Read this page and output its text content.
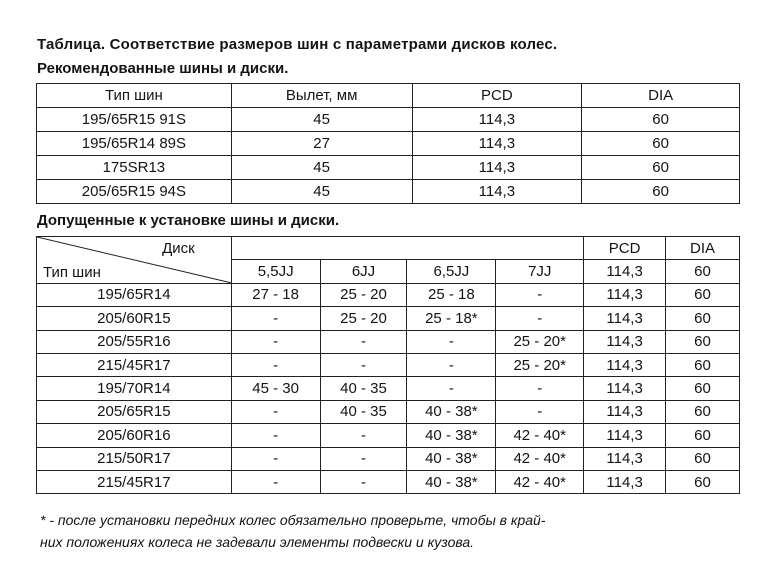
Таблица. Соответствие размеров шин с параметрами дисков колес.
Рекомендованные шины и диски.
Тип шин	Вылет, мм	PCD	DIA
195/65R15 91S	45	114,3	60
195/65R14 89S	27	114,3	60
175SR13	45	114,3	60
205/65R15 94S	45	114,3	60
Допущенные к установке шины и диски.
Диск
Тип шин					PCD	DIA
	5,5JJ	6JJ	6,5JJ	7JJ	114,3	60
195/65R14	27 - 18	25 - 20	25 - 18	-	114,3	60
205/60R15	-	25 - 20	25 - 18*	-	114,3	60
205/55R16	-	-	-	25 - 20*	114,3	60
215/45R17	-	-	-	25 - 20*	114,3	60
195/70R14	45 - 30	40 - 35	-	-	114,3	60
205/65R15	-	40 - 35	40 - 38*	-	114,3	60
205/60R16	-	-	40 - 38*	42 - 40*	114,3	60
215/50R17	-	-	40 - 38*	42 - 40*	114,3	60
215/45R17	-	-	40 - 38*	42 - 40*	114,3	60
* - после установки передних колес обязательно проверьте, чтобы в край-
них положениях колеса не задевали элементы подвески и кузова.
